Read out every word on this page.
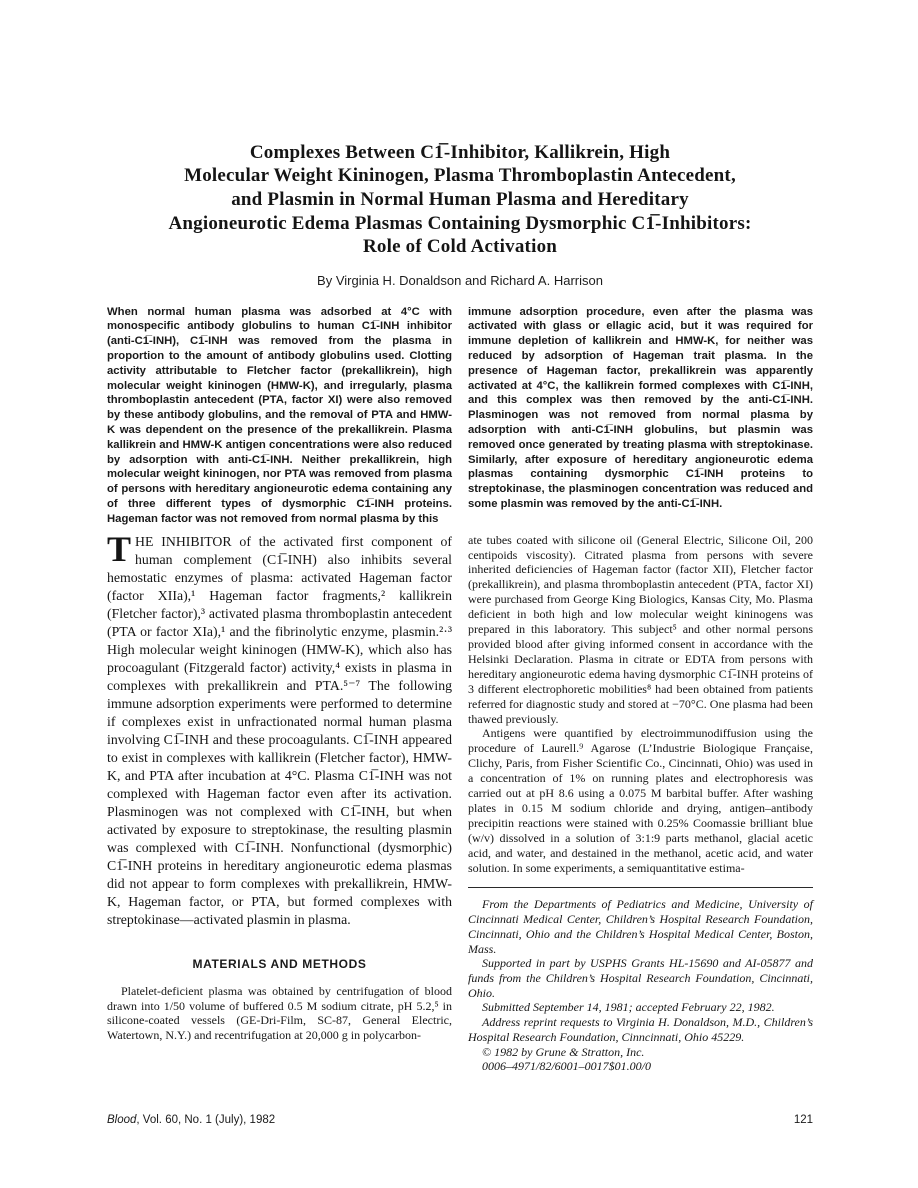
Complexes Between C1̅-Inhibitor, Kallikrein, High
Molecular Weight Kininogen, Plasma Thromboplastin Antecedent,
and Plasmin in Normal Human Plasma and Hereditary
Angioneurotic Edema Plasmas Containing Dysmorphic C1̅-Inhibitors:
Role of Cold Activation
By Virginia H. Donaldson and Richard A. Harrison
When normal human plasma was adsorbed at 4°C with monospecific antibody globulins to human C1̅-INH inhibitor (anti-C1̅-INH), C1̅-INH was removed from the plasma in proportion to the amount of antibody globulins used. Clotting activity attributable to Fletcher factor (prekallikrein), high molecular weight kininogen (HMW-K), and irregularly, plasma thromboplastin antecedent (PTA, factor XI) were also removed by these antibody globulins, and the removal of PTA and HMW-K was dependent on the presence of the prekallikrein. Plasma kallikrein and HMW-K antigen concentrations were also reduced by adsorption with anti-C1̅-INH. Neither prekallikrein, high molecular weight kininogen, nor PTA was removed from plasma of persons with hereditary angioneurotic edema containing any of three different types of dysmorphic C1̅-INH proteins. Hageman factor was not removed from normal plasma by this
immune adsorption procedure, even after the plasma was activated with glass or ellagic acid, but it was required for immune depletion of kallikrein and HMW-K, for neither was reduced by adsorption of Hageman trait plasma. In the presence of Hageman factor, prekallikrein was apparently activated at 4°C, the kallikrein formed complexes with C1̅-INH, and this complex was then removed by the anti-C1̅-INH. Plasminogen was not removed from normal plasma by adsorption with anti-C1̅-INH globulins, but plasmin was removed once generated by treating plasma with streptokinase. Similarly, after exposure of hereditary angioneurotic edema plasmas containing dysmorphic C1̅-INH proteins to streptokinase, the plasminogen concentration was reduced and some plasmin was removed by the anti-C1̅-INH.

THE INHIBITOR of the activated first component of human complement (C1̅-INH) also inhibits several hemostatic enzymes of plasma: activated Hageman factor (factor XIIa),¹ Hageman factor fragments,² kallikrein (Fletcher factor),³ activated plasma thromboplastin antecedent (PTA or factor XIa),¹ and the fibrinolytic enzyme, plasmin.²·³ High molecular weight kininogen (HMW-K), which also has procoagulant (Fitzgerald factor) activity,⁴ exists in plasma in complexes with prekallikrein and PTA.⁵⁻⁷ The following immune adsorption experiments were performed to determine if complexes exist in unfractionated normal human plasma involving C1̅-INH and these procoagulants. C1̅-INH appeared to exist in complexes with kallikrein (Fletcher factor), HMW-K, and PTA after incubation at 4°C. Plasma C1̅-INH was not complexed with Hageman factor even after its activation. Plasminogen was not complexed with C1̅-INH, but when activated by exposure to streptokinase, the resulting plasmin was complexed with C1̅-INH. Nonfunctional (dysmorphic) C1̅-INH proteins in hereditary angioneurotic edema plasmas did not appear to form complexes with prekallikrein, HMW-K, Hageman factor, or PTA, but formed complexes with streptokinase—activated plasmin in plasma.

MATERIALS AND METHODS

Platelet-deficient plasma was obtained by centrifugation of blood drawn into 1/50 volume of buffered 0.5 M sodium citrate, pH 5.2,⁵ in silicone-coated vessels (GE-Dri-Film, SC-87, General Electric, Watertown, N.Y.) and recentrifugation at 20,000 g in polycarbon-

ate tubes coated with silicone oil (General Electric, Silicone Oil, 200 centipoids viscosity). Citrated plasma from persons with severe inherited deficiencies of Hageman factor (factor XII), Fletcher factor (prekallikrein), and plasma thromboplastin antecedent (PTA, factor XI) were purchased from George King Biologics, Kansas City, Mo. Plasma deficient in both high and low molecular weight kininogens was prepared in this laboratory. This subject⁵ and other normal persons provided blood after giving informed consent in accordance with the Helsinki Declaration. Plasma in citrate or EDTA from persons with hereditary angioneurotic edema having dysmorphic C1̅-INH proteins of 3 different electrophoretic mobilities⁸ had been obtained from patients referred for diagnostic study and stored at −70°C. One plasma had been thawed previously.

Antigens were quantified by electroimmunodiffusion using the procedure of Laurell.⁹ Agarose (L’Industrie Biologique Française, Clichy, Paris, from Fisher Scientific Co., Cincinnati, Ohio) was used in a concentration of 1% on running plates and electrophoresis was carried out at pH 8.6 using a 0.075 M barbital buffer. After washing plates in 0.15 M sodium chloride and drying, antigen–antibody precipitin reactions were stained with 0.25% Coomassie brilliant blue (w/v) dissolved in a solution of 3:1:9 parts methanol, glacial acetic acid, and water, and destained in the methanol, acetic acid, and water solution. In some experiments, a semiquantitative estima-

From the Departments of Pediatrics and Medicine, University of Cincinnati Medical Center, Children’s Hospital Research Foundation, Cincinnati, Ohio and the Children’s Hospital Medical Center, Boston, Mass.

Supported in part by USPHS Grants HL-15690 and AI-05877 and funds from the Children’s Hospital Research Foundation, Cincinnati, Ohio.

Submitted September 14, 1981; accepted February 22, 1982.

Address reprint requests to Virginia H. Donaldson, M.D., Children’s Hospital Research Foundation, Cinncinnati, Ohio 45229.

© 1982 by Grune & Stratton, Inc.

0006–4971/82/6001–0017$01.00/0

Blood, Vol. 60, No. 1 (July), 1982	121
